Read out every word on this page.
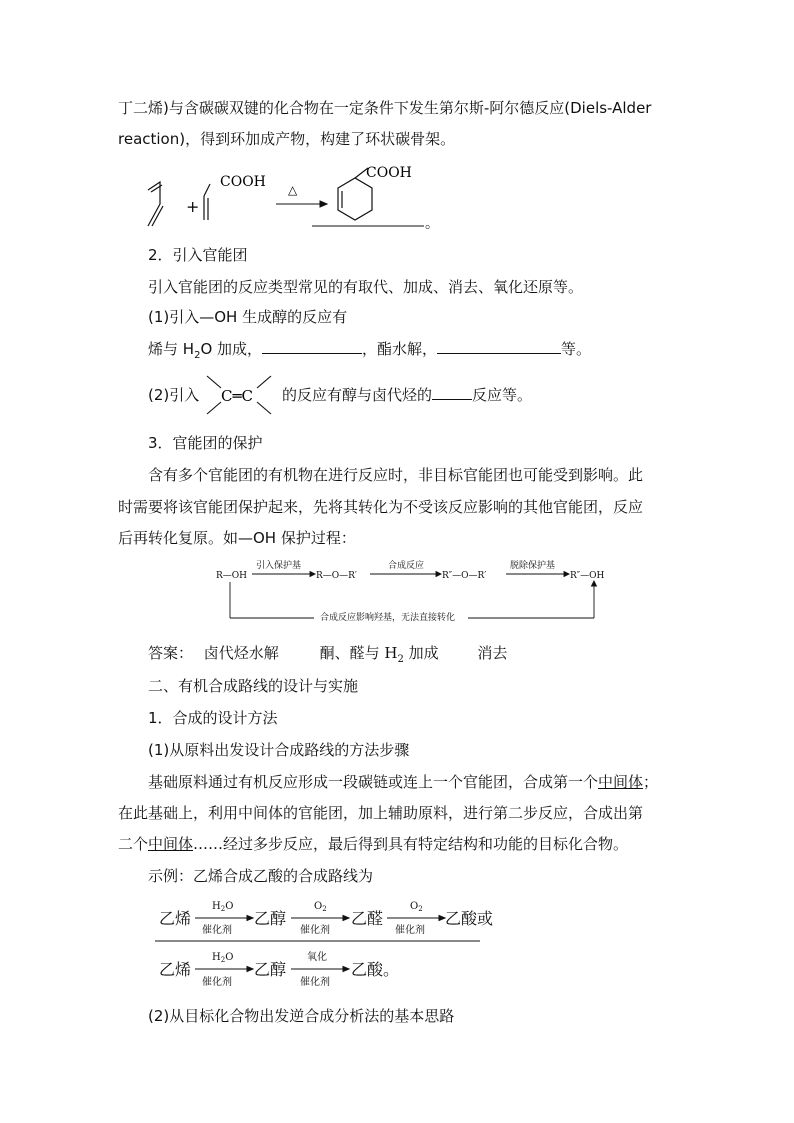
丁二烯)与含碳碳双键的化合物在一定条件下发生第尔斯-阿尔德反应(Diels-Alder
reaction)，得到环加成产物，构建了环状碳骨架。
+
COOH △
COOH
。
2．引入官能团
引入官能团的反应类型常见的有取代、加成、消去、氧化还原等。
(1)引入—OH 生成醇的反应有
烯与 $H_2O$ 加成，	，酯水解，	等。
(2)引入 C═C 的反应有醇与卤代烃的	反应等。
3．官能团的保护
含有多个官能团的有机物在进行反应时，非目标官能团也可能受到影响。此
时需要将该官能团保护起来，先将其转化为不受该反应影响的其他官能团，反应
后再转化复原。如—OH 保护过程：
R—OH
引入保护基
R—O—R′
合成反应
R″—O—R′
脱除保护基
R″—OH
合成反应影响羟基，无法直接转化
答案： 卤代烃水解	酮、醛与 $H_2$ 加成	消去
二、有机合成路线的设计与实施
1．合成的设计方法
(1)从原料出发设计合成路线的方法步骤
基础原料通过有机反应形成一段碳链或连上一个官能团，合成第一个中间体；
在此基础上，利用中间体的官能团，加上辅助原料，进行第二步反应，合成出第
二个中间体……经过多步反应，最后得到具有特定结构和功能的目标化合物。
示例：乙烯合成乙酸的合成路线为
乙烯	乙醇	乙醛	乙酸或
$H_2O$
催化剂
$O_2$
催化剂
$O_2$
催化剂
乙烯	乙醇	乙酸。
$H_2O$
催化剂
氧化
催化剂
(2)从目标化合物出发逆合成分析法的基本思路
